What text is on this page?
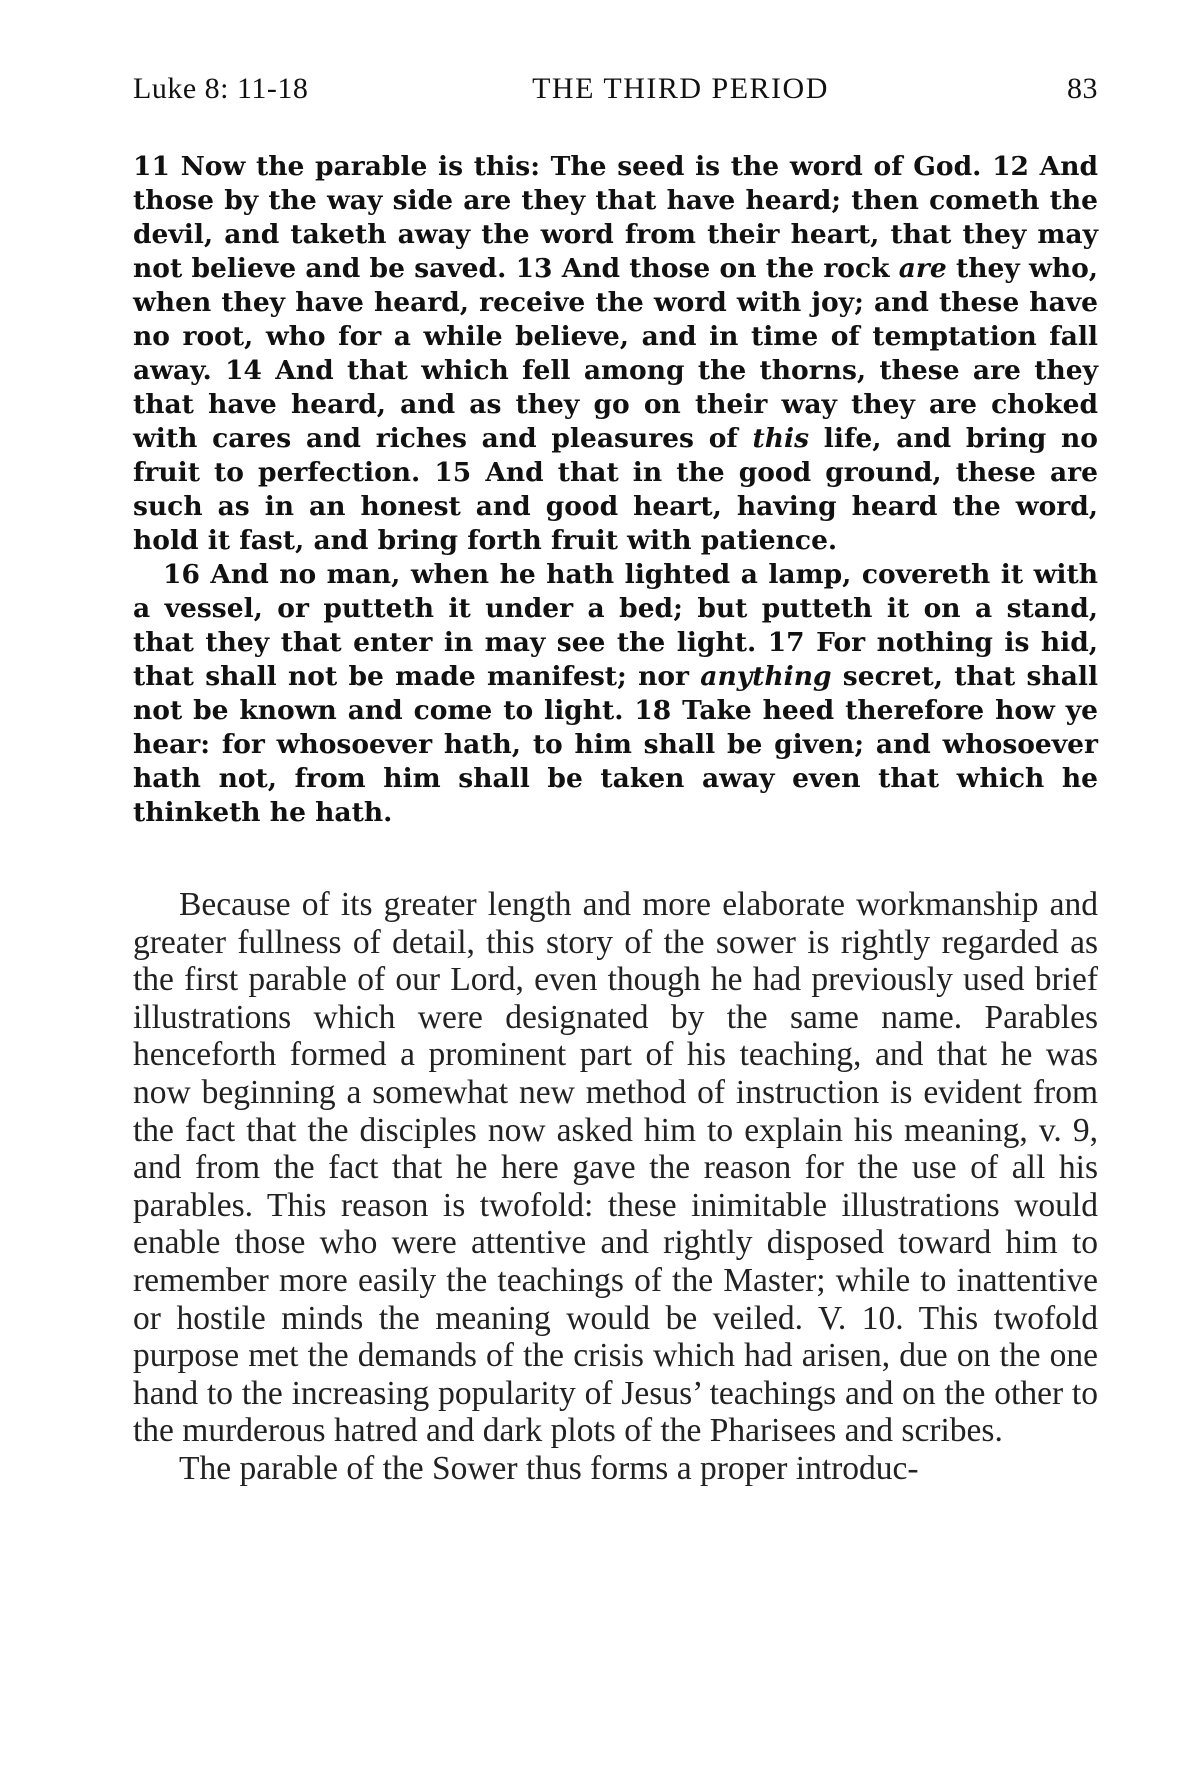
Luke 8: 11-18	THE THIRD PERIOD	83

11 Now the parable is this: The seed is the word of God. 12 And those by the way side are they that have heard; then cometh the devil, and taketh away the word from their heart, that they may not believe and be saved. 13 And those on the rock are they who, when they have heard, receive the word with joy; and these have no root, who for a while believe, and in time of temptation fall away. 14 And that which fell among the thorns, these are they that have heard, and as they go on their way they are choked with cares and riches and pleasures of this life, and bring no fruit to perfection. 15 And that in the good ground, these are such as in an honest and good heart, having heard the word, hold it fast, and bring forth fruit with patience.

16 And no man, when he hath lighted a lamp, covereth it with a vessel, or putteth it under a bed; but putteth it on a stand, that they that enter in may see the light. 17 For nothing is hid, that shall not be made manifest; nor anything secret, that shall not be known and come to light. 18 Take heed therefore how ye hear: for whosoever hath, to him shall be given; and whosoever hath not, from him shall be taken away even that which he thinketh he hath.

Because of its greater length and more elaborate workmanship and greater fullness of detail, this story of the sower is rightly regarded as the first parable of our Lord, even though he had previously used brief illustrations which were designated by the same name. Parables henceforth formed a prominent part of his teaching, and that he was now beginning a somewhat new method of instruction is evident from the fact that the disciples now asked him to explain his meaning, v. 9, and from the fact that he here gave the reason for the use of all his parables. This reason is twofold: these inimitable illustrations would enable those who were attentive and rightly disposed toward him to remember more easily the teachings of the Master; while to inattentive or hostile minds the meaning would be veiled. V. 10. This twofold purpose met the demands of the crisis which had arisen, due on the one hand to the increasing popularity of Jesus’ teachings and on the other to the murderous hatred and dark plots of the Pharisees and scribes.

The parable of the Sower thus forms a proper introduc-
